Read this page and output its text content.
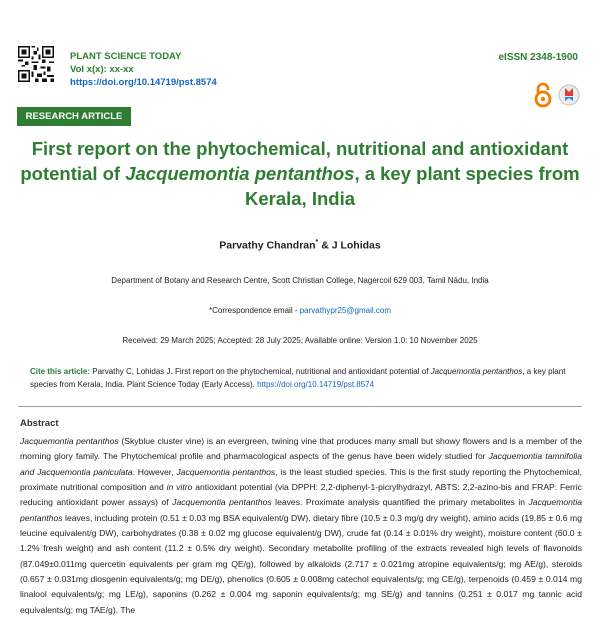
PLANT SCIENCE TODAY
Vol x(x): xx-xx
https://doi.org/10.14719/pst.8574
eISSN 2348-1900
RESEARCH ARTICLE
First report on the phytochemical, nutritional and antioxidant potential of Jacquemontia pentanthos, a key plant species from Kerala, India
Parvathy Chandran* & J Lohidas
Department of Botany and Research Centre, Scott Christian College, Nagercoil 629 003, Tamil Nādu, India
*Correspondence email - parvathypr25@gmail.com
Received: 29 March 2025; Accepted: 28 July 2025; Available online: Version 1.0: 10 November 2025
Cite this article: Parvathy C, Lohidas J. First report on the phytochemical, nutritional and antioxidant potential of Jacquemontia pentanthos, a key plant species from Kerala, India. Plant Science Today (Early Access). https://doi.org/10.14719/pst.8574
Abstract

Jacquemontia pentanthos (Skyblue cluster vine) is an evergreen, twining vine that produces many small but showy flowers and is a member of the morning glory family. The Phytochemical profile and pharmacological aspects of the genus have been widely studied for Jacquemontia tamnifolia and Jacquemontia paniculata. However, Jacquemontia pentanthos, is the least studied species. This is the first study reporting the Phytochemical, proximate nutritional composition and in vitro antioxidant potential (via DPPH: 2,2-diphenyl-1-picrylhydrazyl, ABTS: 2,2-azino-bis and FRAP: Ferric reducing antioxidant power assays) of Jacquemontia pentanthos leaves. Proximate analysis quantified the primary metabolites in Jacquemontia pentanthos leaves, including protein (0.51 ± 0.03 mg BSA equivalent/g DW), dietary fibre (10.5 ± 0.3 mg/g dry weight), amino acids (19.85 ± 0.6 mg leucine equivalent/g DW), carbohydrates (0.38 ± 0.02 mg glucose equivalent/g DW), crude fat (0.14 ± 0.01% dry weight), moisture content (60.0 ± 1.2% fresh weight) and ash content (11.2 ± 0.5% dry weight). Secondary metabolite profiling of the extracts revealed high levels of flavonoids (87.049±0.011mg quercetin equivalents per gram mg QE/g), followed by alkaloids (2.717 ± 0.021mg atropine equivalents/g; mg AE/g), steroids (0.657 ± 0.031mg diosgenin equivalents/g; mg DE/g), phenolics (0.605 ± 0.008mg catechol equivalents/g; mg CE/g), terpenoids (0.459 ± 0.014 mg linalool equivalents/g; mg LE/g), saponins (0.262 ± 0.004 mg saponin equivalents/g; mg SE/g) and tannins (0.251 ± 0.017 mg tannic acid equivalents/g; mg TAE/g). The
